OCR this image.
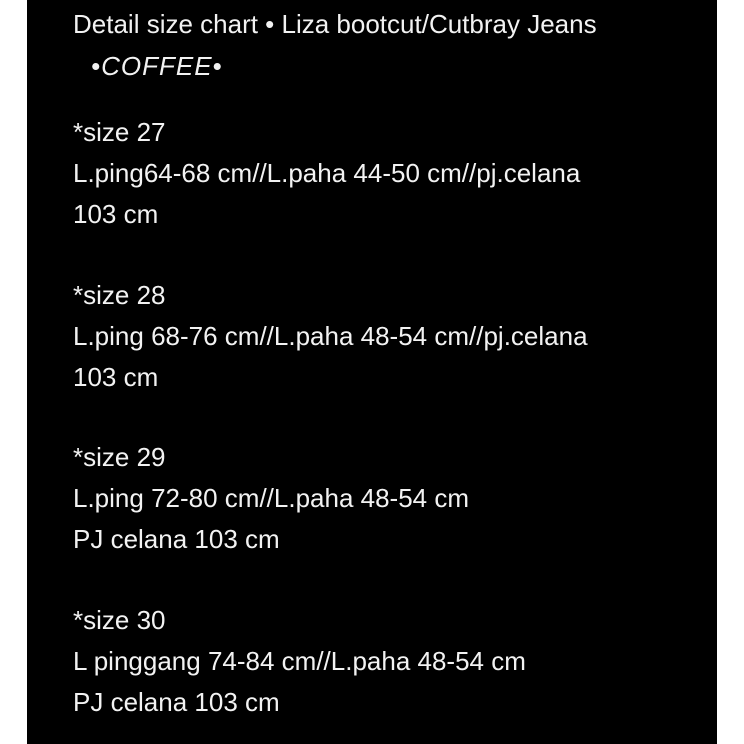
Detail size chart • Liza bootcut/Cutbray Jeans
•COFFEE•
*size 27
L.ping64-68 cm//L.paha 44-50 cm//pj.celana
103 cm
*size 28
L.ping 68-76 cm//L.paha 48-54 cm//pj.celana
103 cm
*size 29
L.ping 72-80 cm//L.paha 48-54 cm
PJ celana 103 cm
*size 30
L pinggang 74-84 cm//L.paha 48-54 cm
PJ celana 103 cm
